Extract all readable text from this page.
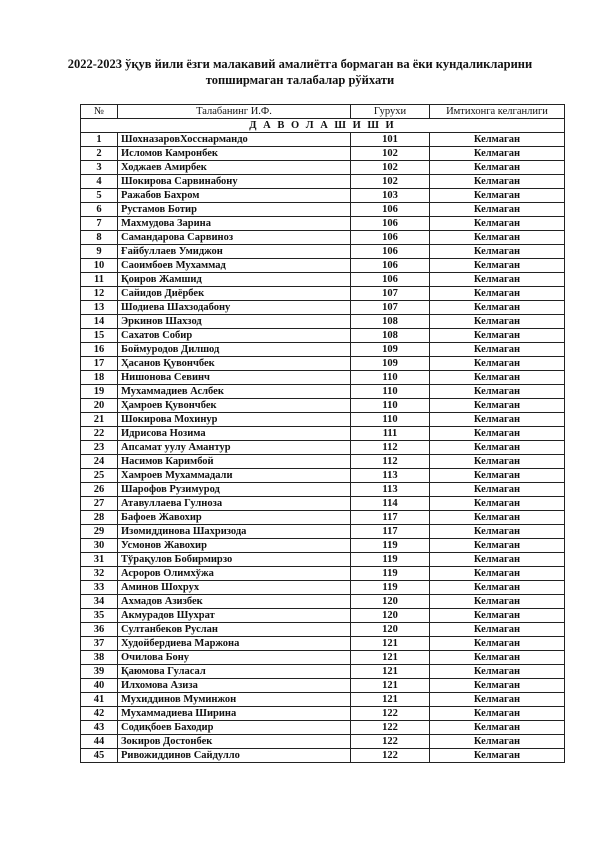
2022-2023 ўқув йили ёзги малакавий амалиётга бормаган ва ёки кундаликларини топширмаган талабалар рўйхати
№	Талабанинг И.Ф.	Гурухи	Имтихонга келганлиги
Д А В О Л А Ш И Ш И			
1	ШохназаровХосснармандо	101	Келмаган
2	Исломов Камронбек	102	Келмаган
3	Ходжаев Амирбек	102	Келмаган
4	Шокирова Сарвинабону	102	Келмаган
5	Ражабов Бахром	103	Келмаган
6	Рустамов Ботир	106	Келмаган
7	Махмудова Зарина	106	Келмаган
8	Самандарова Сарвиноз	106	Келмаган
9	Ғайбуллаев Умиджон	106	Келмаган
10	Саоимбоев Мухаммад	106	Келмаган
11	Қоиров Жамшид	106	Келмаган
12	Сайидов Диёрбек	107	Келмаган
13	Шодиева Шахзодабону	107	Келмаган
14	Эркинов Шахзод	108	Келмаган
15	Сахатов Собир	108	Келмаган
16	Боймуродов Дилшод	109	Келмаган
17	Ҳасанов Қувончбек	109	Келмаган
18	Нишонова Севинч	110	Келмаган
19	Мухаммадиев Аслбек	110	Келмаган
20	Ҳамроев Қувончбек	110	Келмаган
21	Шокирова Мохинур	110	Келмаган
22	Идрисова Нозима	111	Келмаган
23	Апсамат уулу Амантур	112	Келмаган
24	Насимов Каримбой	112	Келмаган
25	Хамроев Мухаммадали	113	Келмаган
26	Шарофов Рузимурод	113	Келмаган
27	Атавуллаева Гулноза	114	Келмаган
28	Бафоев Жавохир	117	Келмаган
29	Изомиддинова Шахризода	117	Келмаган
30	Усмонов Жавохир	119	Келмаган
31	Тўрақулов Бобирмирзо	119	Келмаган
32	Асроров Олимхўжа	119	Келмаган
33	Аминов Шохрух	119	Келмаган
34	Ахмадов Азизбек	120	Келмаган
35	Акмурадов Шухрат	120	Келмаган
36	Султанбеков Руслан	120	Келмаган
37	Худойбердиева Маржона	121	Келмаган
38	Очилова Бону	121	Келмаган
39	Қаюмова Гуласал	121	Келмаган
40	Илхомова Азиза	121	Келмаган
41	Мухиддинов Муминжон	121	Келмаган
42	Мухаммадиева Ширина	122	Келмаган
43	Содиқбоев Баходир	122	Келмаган
44	Зокиров Достонбек	122	Келмаган
45	Ривожиддинов Сайдулло	122	Келмаган
